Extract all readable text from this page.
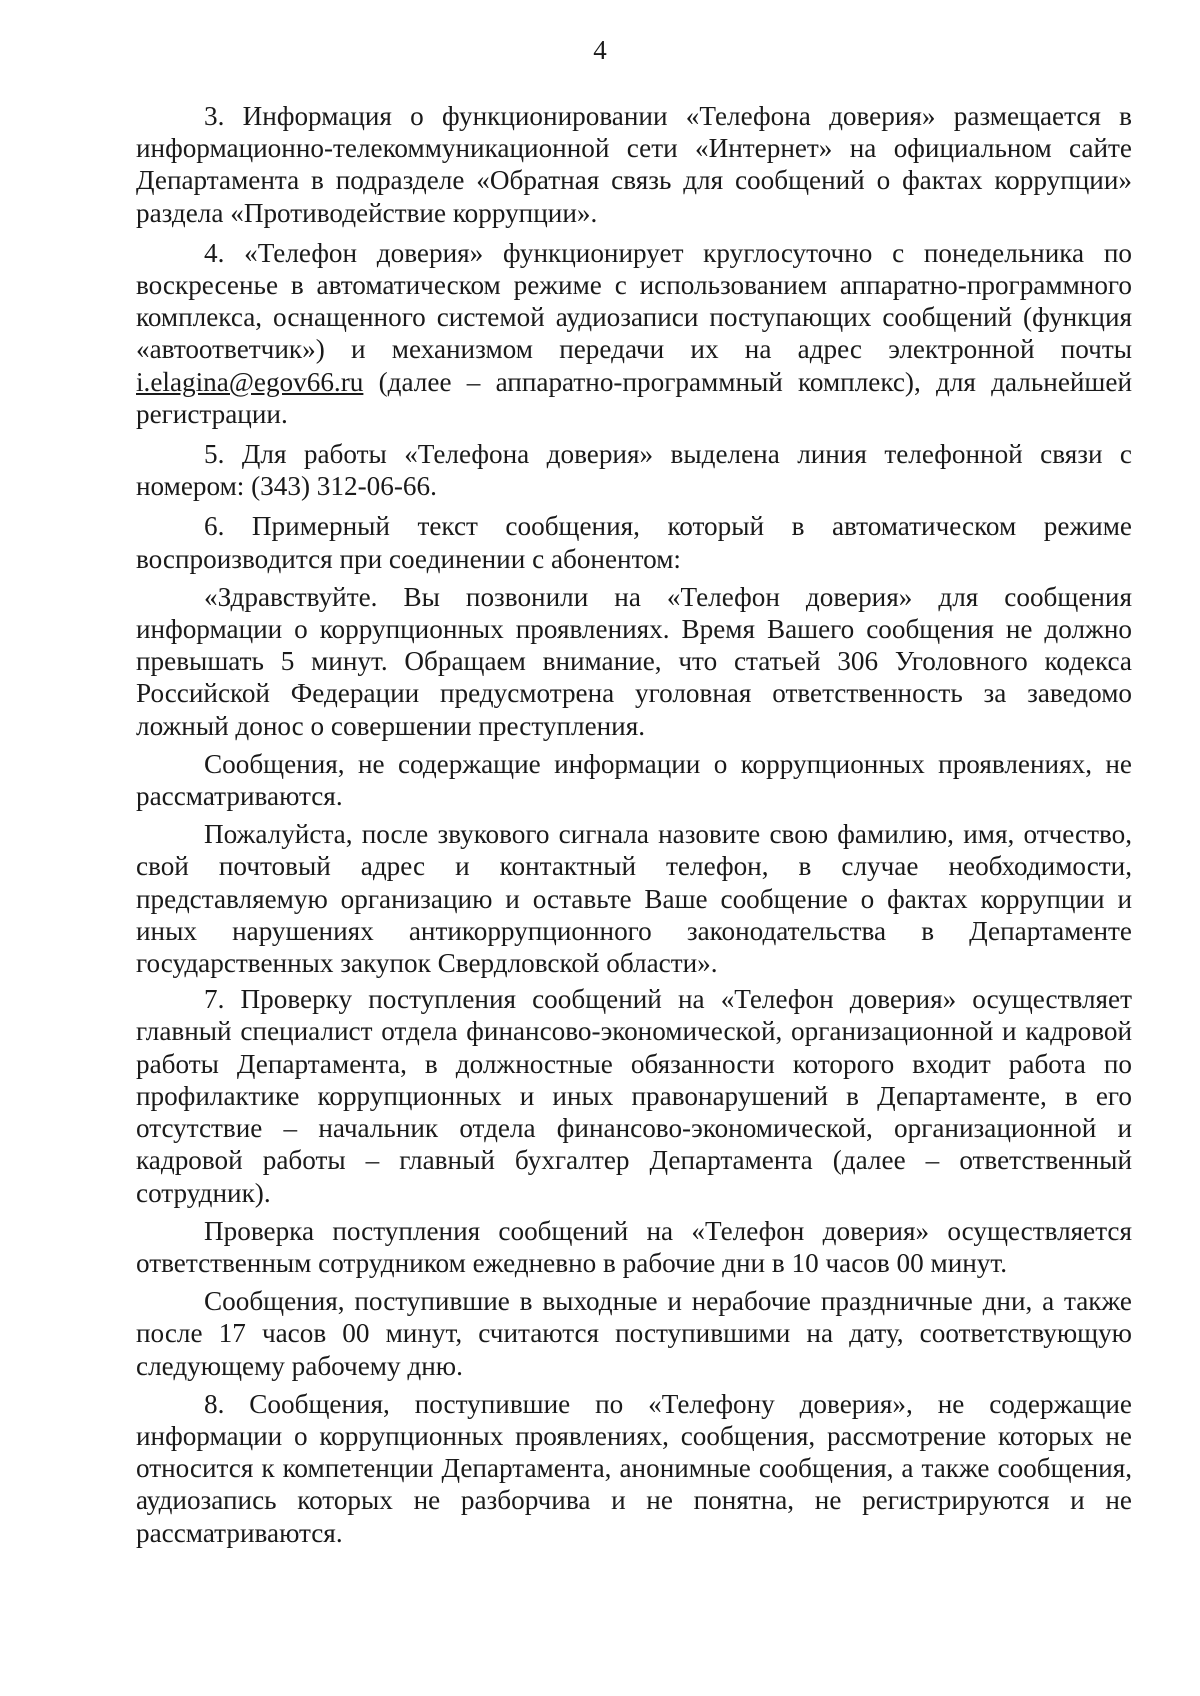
4

3. Информация о функционировании «Телефона доверия» размещается в информационно-телекоммуникационной сети «Интернет» на официальном сайте Департамента в подразделе «Обратная связь для сообщений о фактах коррупции» раздела «Противодействие коррупции».

4. «Телефон доверия» функционирует круглосуточно с понедельника по воскресенье в автоматическом режиме с использованием аппаратно-программного комплекса, оснащенного системой аудиозаписи поступающих сообщений (функция «автоответчик») и механизмом передачи их на адрес электронной почты i.elagina@egov66.ru (далее – аппаратно-программный комплекс), для дальнейшей регистрации.

5. Для работы «Телефона доверия» выделена линия телефонной связи с номером: (343) 312-06-66.

6. Примерный текст сообщения, который в автоматическом режиме воспроизводится при соединении с абонентом:

«Здравствуйте. Вы позвонили на «Телефон доверия» для сообщения информации о коррупционных проявлениях. Время Вашего сообщения не должно превышать 5 минут. Обращаем внимание, что статьей 306 Уголовного кодекса Российской Федерации предусмотрена уголовная ответственность за заведомо ложный донос о совершении преступления.

Сообщения, не содержащие информации о коррупционных проявлениях, не рассматриваются.

Пожалуйста, после звукового сигнала назовите свою фамилию, имя, отчество, свой почтовый адрес и контактный телефон, в случае необходимости, представляемую организацию и оставьте Ваше сообщение о фактах коррупции и иных нарушениях антикоррупционного законодательства в Департаменте государственных закупок Свердловской области».

7. Проверку поступления сообщений на «Телефон доверия» осуществляет главный специалист отдела финансово-экономической, организационной и кадровой работы Департамента, в должностные обязанности которого входит работа по профилактике коррупционных и иных правонарушений в Департаменте, в его отсутствие – начальник отдела финансово-экономической, организационной и кадровой работы – главный бухгалтер Департамента (далее – ответственный сотрудник).

Проверка поступления сообщений на «Телефон доверия» осуществляется ответственным сотрудником ежедневно в рабочие дни в 10 часов 00 минут.

Сообщения, поступившие в выходные и нерабочие праздничные дни, а также после 17 часов 00 минут, считаются поступившими на дату, соответствующую следующему рабочему дню.

8. Сообщения, поступившие по «Телефону доверия», не содержащие информации о коррупционных проявлениях, сообщения, рассмотрение которых не относится к компетенции Департамента, анонимные сообщения, а также сообщения, аудиозапись которых не разборчива и не понятна, не регистрируются и не рассматриваются.
